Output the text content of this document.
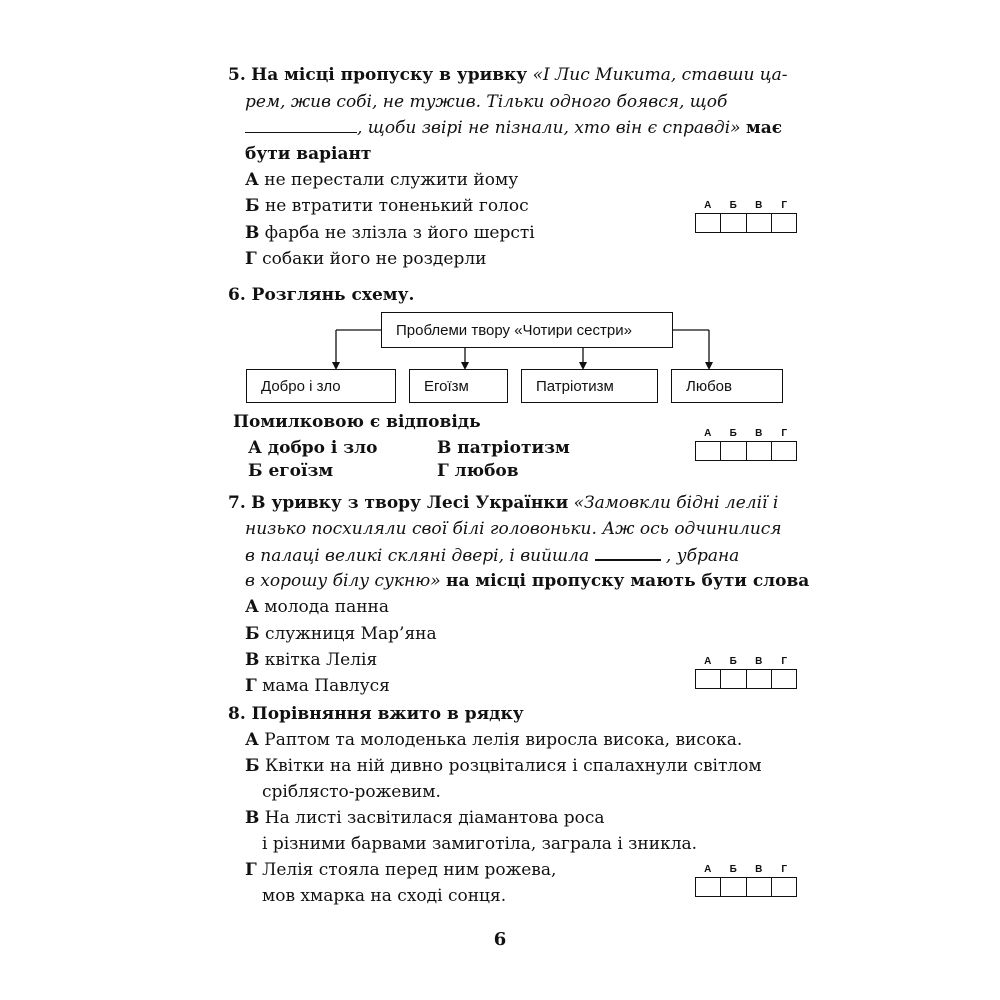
5. На місці пропуску в уривку «І Лис Микита, ставши ца-
рем, жив собі, не тужив. Тільки одного боявся, щоб
, щоби звірі не пізнали, хто він є справді» має
бути варіант
А не перестали служити йому
Б не втратити тоненький голос
В фарба не злізла з його шерсті
Г собаки його не роздерли
А	Б	В	Г
6. Розглянь схему.
Проблеми твору «Чотири сестри»
Добро і зло	Егоїзм	Патріотизм	Любов
Помилковою є відповідь
А добро і зло	В патріотизм
Б егоїзм	Г любов
А	Б	В	Г
7. В уривку з твору Лесі Українки «Замовкли бідні лелії і
низько посхиляли свої білі головоньки. Аж ось одчинилися
в палаці великі скляні двері, і вийшла	, убрана
в хорошу білу сукню» на місці пропуску мають бути слова
А молода панна
Б служниця Мар’яна
В квітка Лелія
Г мама Павлуся
А	Б	В	Г
8. Порівняння вжито в рядку
А Раптом та молоденька лелія виросла висока, висока.
Б Квітки на ній дивно розцвіталися і спалахнули світлом
сріблясто-рожевим.
В На листі засвітилася діамантова роса
і різними барвами замиготіла, заграла і зникла.
Г Лелія стояла перед ним рожева,
мов хмарка на сході сонця.
А	Б	В	Г
6
